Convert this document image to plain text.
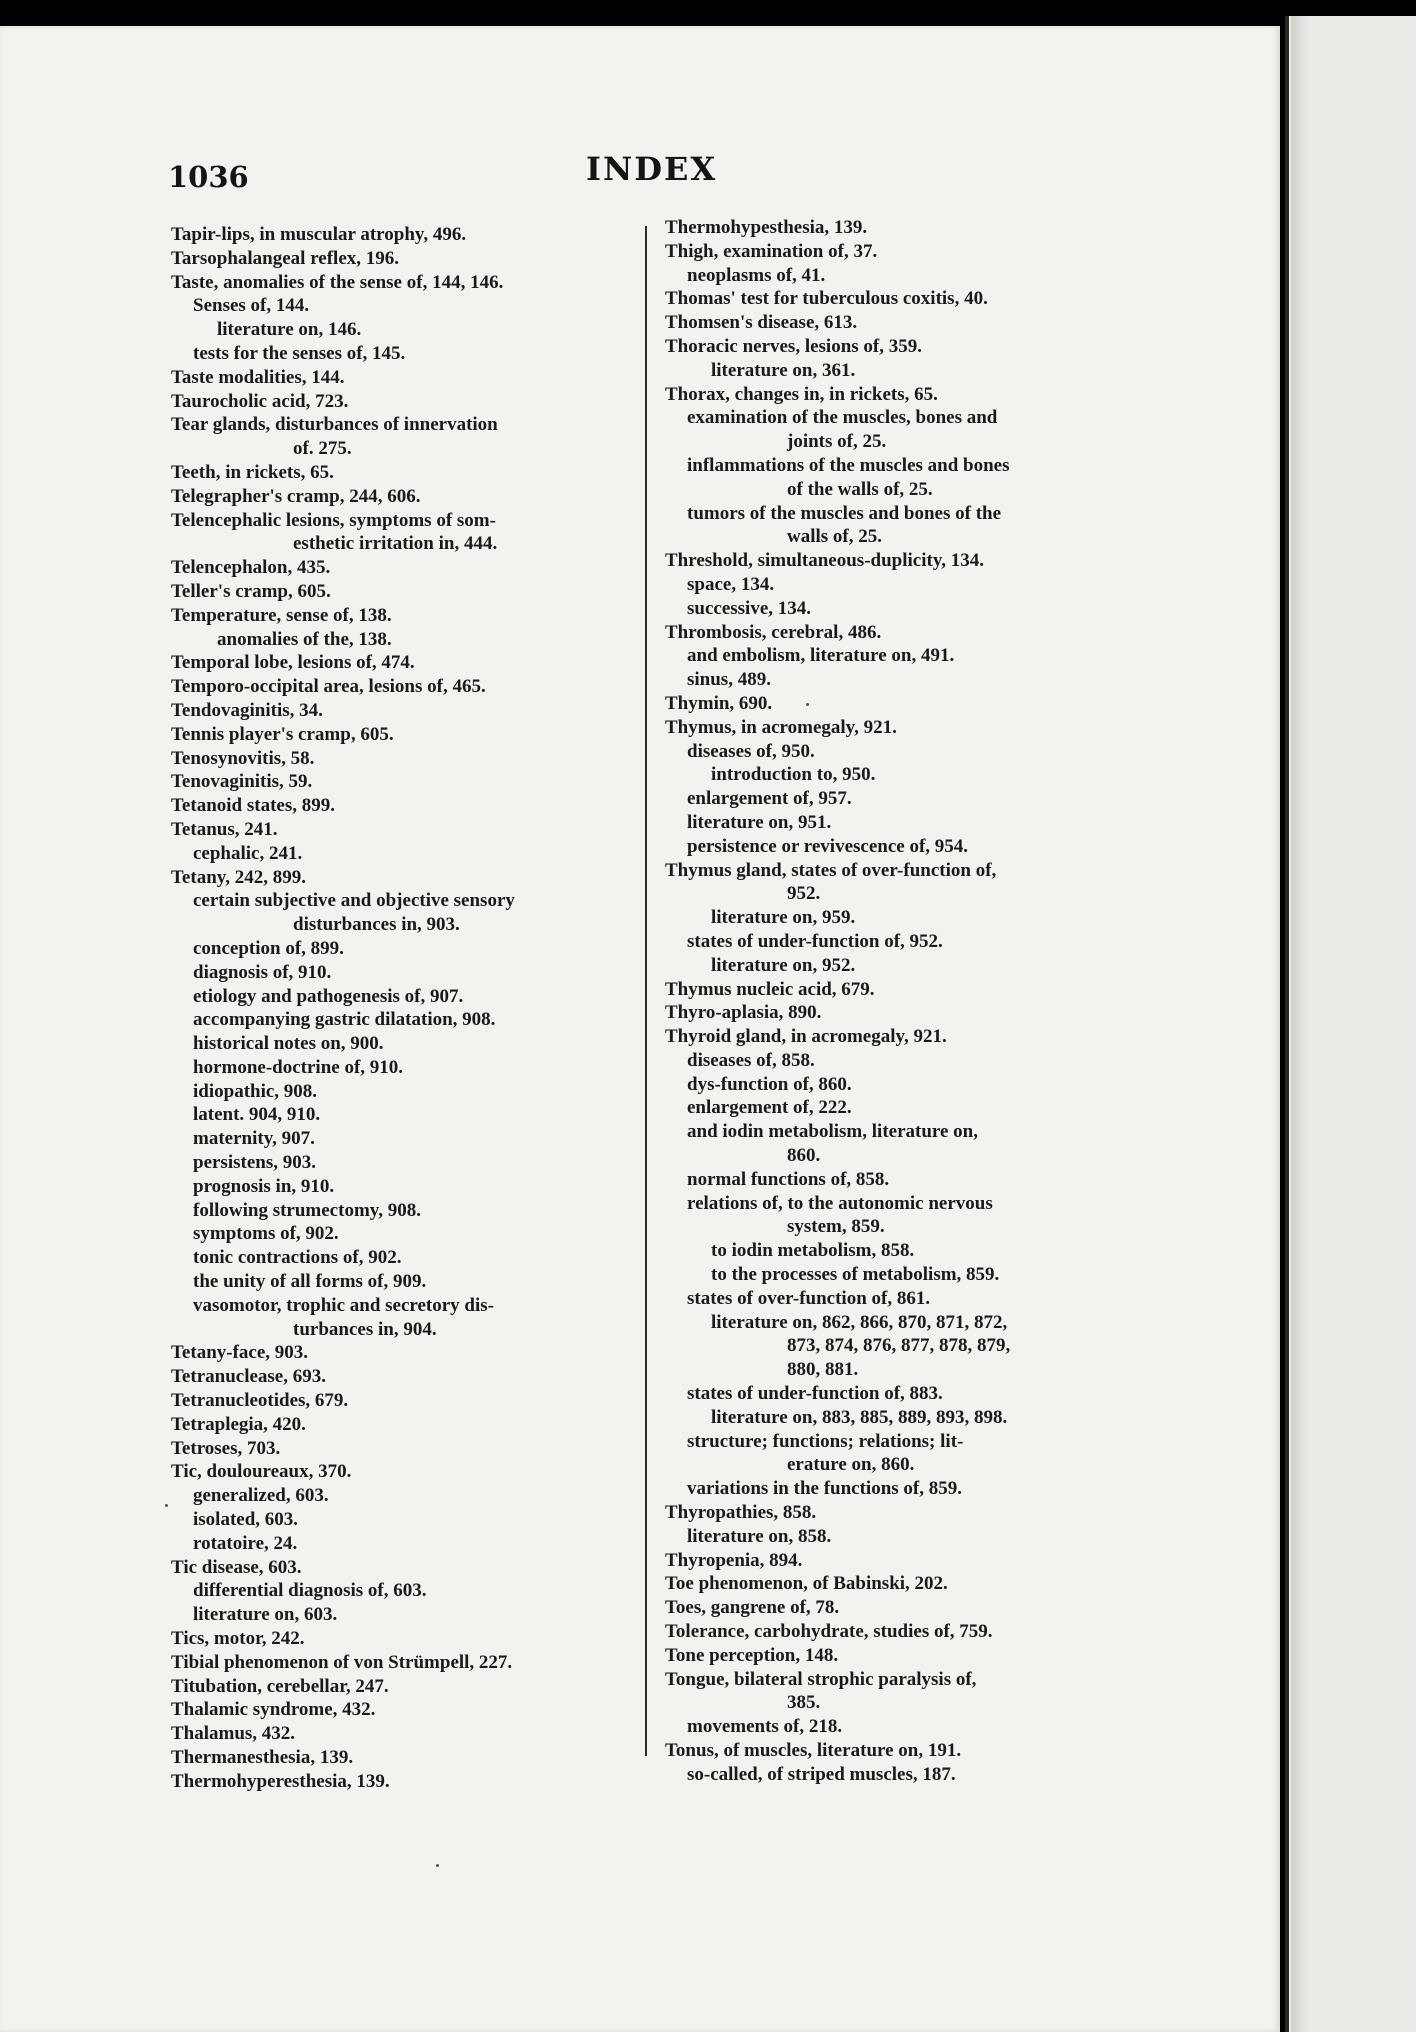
1036	INDEX
Tapir-lips, in muscular atrophy, 496.
Tarsophalangeal reflex, 196.
Taste, anomalies of the sense of, 144, 146.
Senses of, 144.
literature on, 146.
tests for the senses of, 145.
Taste modalities, 144.
Taurocholic acid, 723.
Tear glands, disturbances of innervation
of. 275.
Teeth, in rickets, 65.
Telegrapher's cramp, 244, 606.
Telencephalic lesions, symptoms of som-
esthetic irritation in, 444.
Telencephalon, 435.
Teller's cramp, 605.
Temperature, sense of, 138.
anomalies of the, 138.
Temporal lobe, lesions of, 474.
Temporo-occipital area, lesions of, 465.
Tendovaginitis, 34.
Tennis player's cramp, 605.
Tenosynovitis, 58.
Tenovaginitis, 59.
Tetanoid states, 899.
Tetanus, 241.
cephalic, 241.
Tetany, 242, 899.
certain subjective and objective sensory
disturbances in, 903.
conception of, 899.
diagnosis of, 910.
etiology and pathogenesis of, 907.
accompanying gastric dilatation, 908.
historical notes on, 900.
hormone-doctrine of, 910.
idiopathic, 908.
latent. 904, 910.
maternity, 907.
persistens, 903.
prognosis in, 910.
following strumectomy, 908.
symptoms of, 902.
tonic contractions of, 902.
the unity of all forms of, 909.
vasomotor, trophic and secretory dis-
turbances in, 904.
Tetany-face, 903.
Tetranuclease, 693.
Tetranucleotides, 679.
Tetraplegia, 420.
Tetroses, 703.
Tic, douloureaux, 370.
generalized, 603.
isolated, 603.
rotatoire, 24.
Tic disease, 603.
differential diagnosis of, 603.
literature on, 603.
Tics, motor, 242.
Tibial phenomenon of von Strümpell, 227.
Titubation, cerebellar, 247.
Thalamic syndrome, 432.
Thalamus, 432.
Thermanesthesia, 139.
Thermohyperesthesia, 139.
Thermohypesthesia, 139.
Thigh, examination of, 37.
neoplasms of, 41.
Thomas' test for tuberculous coxitis, 40.
Thomsen's disease, 613.
Thoracic nerves, lesions of, 359.
literature on, 361.
Thorax, changes in, in rickets, 65.
examination of the muscles, bones and
joints of, 25.
inflammations of the muscles and bones
of the walls of, 25.
tumors of the muscles and bones of the
walls of, 25.
Threshold, simultaneous-duplicity, 134.
space, 134.
successive, 134.
Thrombosis, cerebral, 486.
and embolism, literature on, 491.
sinus, 489.
Thymin, 690.
Thymus, in acromegaly, 921.
diseases of, 950.
introduction to, 950.
enlargement of, 957.
literature on, 951.
persistence or revivescence of, 954.
Thymus gland, states of over-function of,
952.
literature on, 959.
states of under-function of, 952.
literature on, 952.
Thymus nucleic acid, 679.
Thyro-aplasia, 890.
Thyroid gland, in acromegaly, 921.
diseases of, 858.
dys-function of, 860.
enlargement of, 222.
and iodin metabolism, literature on,
860.
normal functions of, 858.
relations of, to the autonomic nervous
system, 859.
to iodin metabolism, 858.
to the processes of metabolism, 859.
states of over-function of, 861.
literature on, 862, 866, 870, 871, 872,
873, 874, 876, 877, 878, 879,
880, 881.
states of under-function of, 883.
literature on, 883, 885, 889, 893, 898.
structure; functions; relations; lit-
erature on, 860.
variations in the functions of, 859.
Thyropathies, 858.
literature on, 858.
Thyropenia, 894.
Toe phenomenon, of Babinski, 202.
Toes, gangrene of, 78.
Tolerance, carbohydrate, studies of, 759.
Tone perception, 148.
Tongue, bilateral strophic paralysis of,
385.
movements of, 218.
Tonus, of muscles, literature on, 191.
so-called, of striped muscles, 187.
